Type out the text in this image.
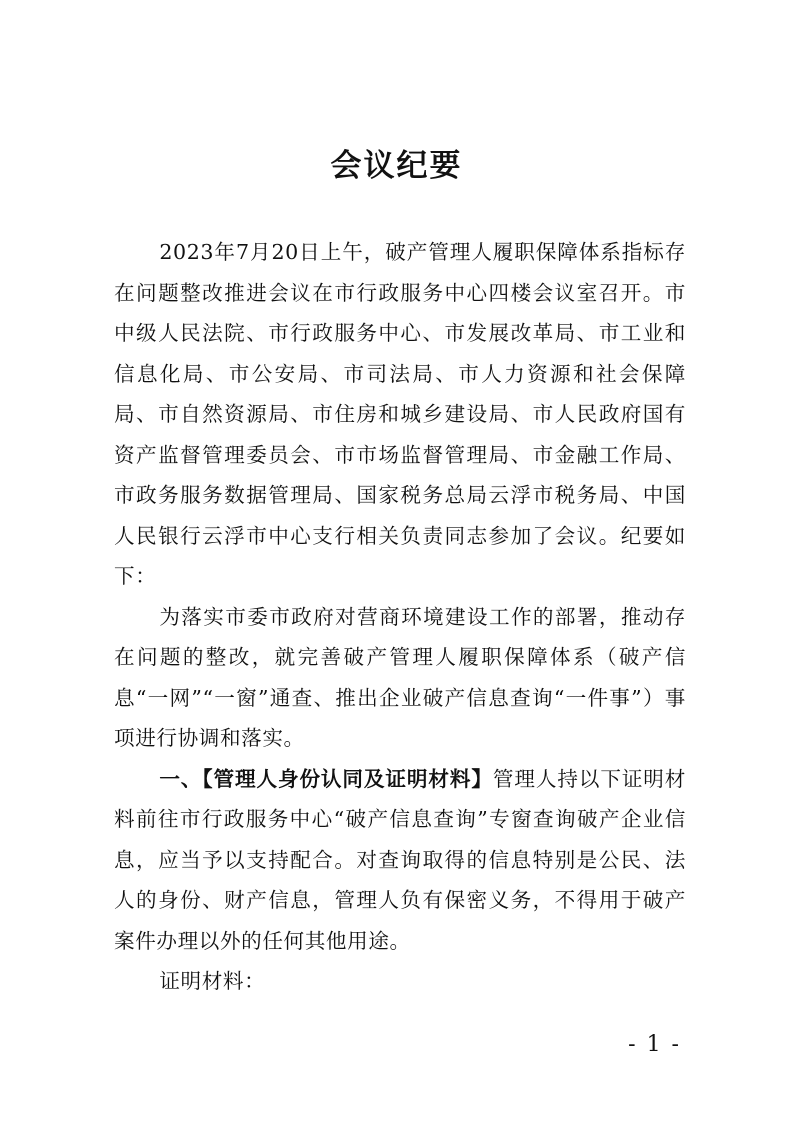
会议纪要

2023年7月20日上午，破产管理人履职保障体系指标存在问题整改推进会议在市行政服务中心四楼会议室召开。市中级人民法院、市行政服务中心、市发展改革局、市工业和信息化局、市公安局、市司法局、市人力资源和社会保障局、市自然资源局、市住房和城乡建设局、市人民政府国有资产监督管理委员会、市市场监督管理局、市金融工作局、市政务服务数据管理局、国家税务总局云浮市税务局、中国人民银行云浮市中心支行相关负责同志参加了会议。纪要如下：

为落实市委市政府对营商环境建设工作的部署，推动存在问题的整改，就完善破产管理人履职保障体系（破产信息“一网”“一窗”通查、推出企业破产信息查询“一件事”）事项进行协调和落实。

一、【管理人身份认同及证明材料】管理人持以下证明材料前往市行政服务中心“破产信息查询”专窗查询破产企业信息，应当予以支持配合。对查询取得的信息特别是公民、法人的身份、财产信息，管理人负有保密义务，不得用于破产案件办理以外的任何其他用途。

证明材料：

- 1 -
